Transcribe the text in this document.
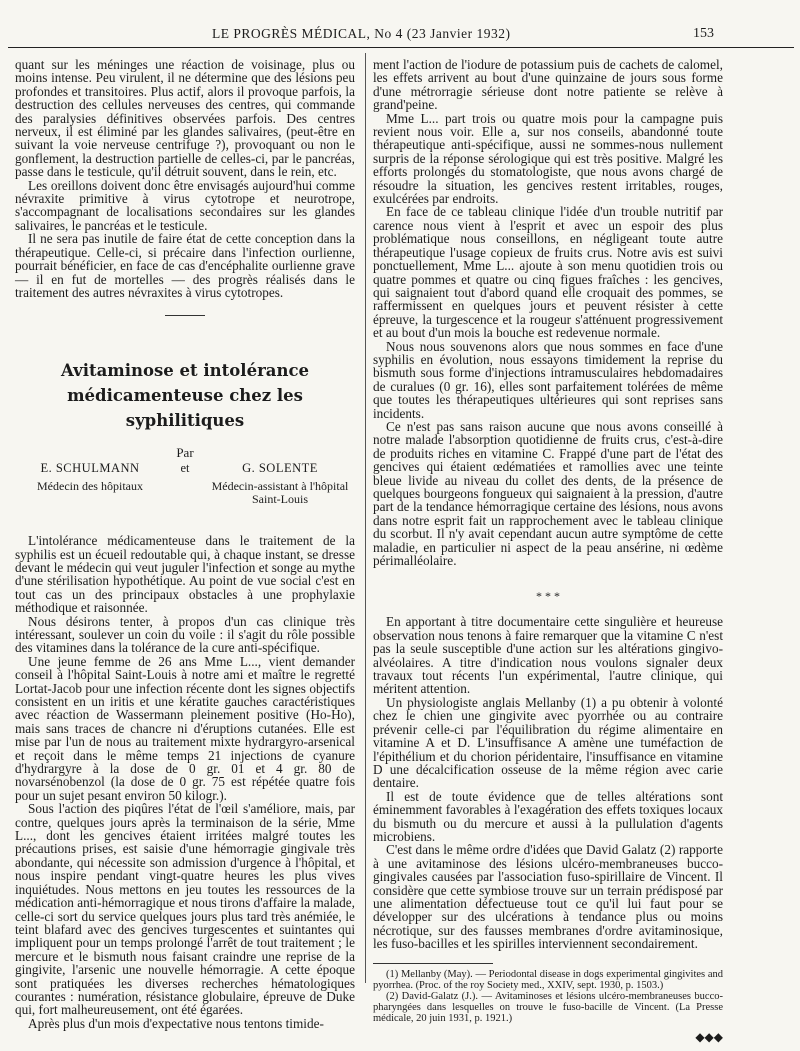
LE PROGRÈS MÉDICAL, No 4 (23 Janvier 1932)	153

quant sur les méninges une réaction de voisinage, plus ou moins intense. Peu virulent, il ne détermine que des lésions peu profondes et transitoires. Plus actif, alors il provoque parfois, la destruction des cellules nerveuses des centres, qui commande des paralysies définitives observées parfois. Des centres nerveux, il est éliminé par les glandes salivaires, (peut-être en suivant la voie nerveuse centrifuge ?), provoquant ou non le gonflement, la destruction partielle de celles-ci, par le pancréas, passe dans le testicule, qu'il détruit souvent, dans le rein, etc.

Les oreillons doivent donc être envisagés aujourd'hui comme névraxite primitive à virus cytotrope et neurotrope, s'accompagnant de localisations secondaires sur les glandes salivaires, le pancréas et le testicule.

Il ne sera pas inutile de faire état de cette conception dans la thérapeutique. Celle-ci, si précaire dans l'infection ourlienne, pourrait bénéficier, en face de cas d'encéphalite ourlienne grave — il en fut de mortelles — des progrès réalisés dans le traitement des autres névraxites à virus cytotropes.

Avitaminose et intolérance
médicamenteuse chez les syphilitiques
Par
E. SCHULMANN
Médecin des hôpitaux
et	G. SOLENTE
Médecin-assistant à l'hôpital Saint-Louis

L'intolérance médicamenteuse dans le traitement de la syphilis est un écueil redoutable qui, à chaque instant, se dresse devant le médecin qui veut juguler l'infection et songe au mythe d'une stérilisation hypothétique. Au point de vue social c'est en tout cas un des principaux obstacles à une prophylaxie méthodique et raisonnée.

Nous désirons tenter, à propos d'un cas clinique très intéressant, soulever un coin du voile : il s'agit du rôle possible des vitamines dans la tolérance de la cure anti-spécifique.

Une jeune femme de 26 ans Mme L..., vient demander conseil à l'hôpital Saint-Louis à notre ami et maître le regretté Lortat-Jacob pour une infection récente dont les signes objectifs consistent en un iritis et une kératite gauches caractéristiques avec réaction de Wassermann pleinement positive (Ho-Ho), mais sans traces de chancre ni d'éruptions cutanées. Elle est mise par l'un de nous au traitement mixte hydrargyro-arsenical et reçoit dans le même temps 21 injections de cyanure d'hydrargyre à la dose de 0 gr. 01 et 4 gr. 80 de novarsénobenzol (la dose de 0 gr. 75 est répétée quatre fois pour un sujet pesant environ 50 kilogr.).

Sous l'action des piqûres l'état de l'œil s'améliore, mais, par contre, quelques jours après la terminaison de la série, Mme L..., dont les gencives étaient irritées malgré toutes les précautions prises, est saisie d'une hémorragie gingivale très abondante, qui nécessite son admission d'urgence à l'hôpital, et nous inspire pendant vingt-quatre heures les plus vives inquiétudes. Nous mettons en jeu toutes les ressources de la médication anti-hémorragique et nous tirons d'affaire la malade, celle-ci sort du service quelques jours plus tard très anémiée, le teint blafard avec des gencives turgescentes et suintantes qui impliquent pour un temps prolongé l'arrêt de tout traitement ; le mercure et le bismuth nous faisant craindre une reprise de la gingivite, l'arsenic une nouvelle hémorragie. A cette époque sont pratiquées les diverses recherches hématologiques courantes : numération, résistance globulaire, épreuve de Duke qui, fort malheureusement, ont été égarées.

Après plus d'un mois d'expectative nous tentons timide-

ment l'action de l'iodure de potassium puis de cachets de calomel, les effets arrivent au bout d'une quinzaine de jours sous forme d'une métrorragie sérieuse dont notre patiente se relève à grand'peine.

Mme L... part trois ou quatre mois pour la campagne puis revient nous voir. Elle a, sur nos conseils, abandonné toute thérapeutique anti-spécifique, aussi ne sommes-nous nullement surpris de la réponse sérologique qui est très positive. Malgré les efforts prolongés du stomatologiste, que nous avons chargé de résoudre la situation, les gencives restent irritables, rouges, exulcérées par endroits.

En face de ce tableau clinique l'idée d'un trouble nutritif par carence nous vient à l'esprit et avec un espoir des plus problématique nous conseillons, en négligeant toute autre thérapeutique l'usage copieux de fruits crus. Notre avis est suivi ponctuellement, Mme L... ajoute à son menu quotidien trois ou quatre pommes et quatre ou cinq figues fraîches : les gencives, qui saignaient tout d'abord quand elle croquait des pommes, se raffermissent en quelques jours et peuvent résister à cette épreuve, la turgescence et la rougeur s'atténuent progressivement et au bout d'un mois la bouche est redevenue normale.

Nous nous souvenons alors que nous sommes en face d'une syphilis en évolution, nous essayons timidement la reprise du bismuth sous forme d'injections intramusculaires hebdomadaires de curalues (0 gr. 16), elles sont parfaitement tolérées de même que toutes les thérapeutiques ultérieures qui sont reprises sans incidents.

Ce n'est pas sans raison aucune que nous avons conseillé à notre malade l'absorption quotidienne de fruits crus, c'est-à-dire de produits riches en vitamine C. Frappé d'une part de l'état des gencives qui étaient œdématiées et ramollies avec une teinte bleue livide au niveau du collet des dents, de la présence de quelques bourgeons fongueux qui saignaient à la pression, d'autre part de la tendance hémorragique certaine des lésions, nous avons dans notre esprit fait un rapprochement avec le tableau clinique du scorbut. Il n'y avait cependant aucun autre symptôme de cette maladie, en particulier ni aspect de la peau ansérine, ni œdème périmalléolaire.

* * *

En apportant à titre documentaire cette singulière et heureuse observation nous tenons à faire remarquer que la vitamine C n'est pas la seule susceptible d'une action sur les altérations gingivo-alvéolaires. A titre d'indication nous voulons signaler deux travaux tout récents l'un expérimental, l'autre clinique, qui méritent attention.

Un physiologiste anglais Mellanby (1) a pu obtenir à volonté chez le chien une gingivite avec pyorrhée ou au contraire prévenir celle-ci par l'équilibration du régime alimentaire en vitamine A et D. L'insuffisance A amène une tuméfaction de l'épithélium et du chorion péridentaire, l'insuffisance en vitamine D une décalcification osseuse de la même région avec carie dentaire.

Il est de toute évidence que de telles altérations sont éminemment favorables à l'exagération des effets toxiques locaux du bismuth ou du mercure et aussi à la pullulation d'agents microbiens.

C'est dans le même ordre d'idées que David Galatz (2) rapporte à une avitaminose des lésions ulcéro-membraneuses bucco-gingivales causées par l'association fuso-spirillaire de Vincent. Il considère que cette symbiose trouve sur un terrain prédisposé par une alimentation défectueuse tout ce qu'il lui faut pour se développer sur des ulcérations à tendance plus ou moins nécrotique, sur des fausses membranes d'ordre avitaminosique, les fuso-bacilles et les spirilles interviennent secondairement.

(1) Mellanby (May). — Periodontal disease in dogs experimental gingivites and pyorrhea. (Proc. of the roy Society med., XXIV, sept. 1930, p. 1503.)

(2) David-Galatz (J.). — Avitaminoses et lésions ulcéro-membraneuses bucco-pharyngées dans lesquelles on trouve le fuso-bacille de Vincent. (La Presse médicale, 20 juin 1931, p. 1921.)

◆◆◆
